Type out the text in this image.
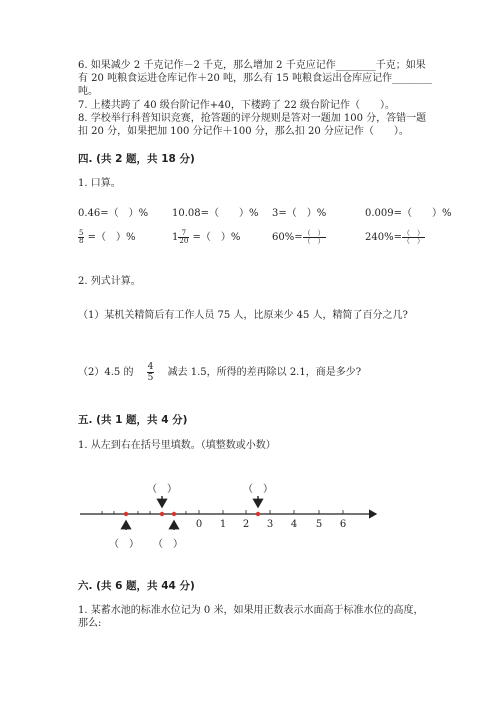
6. 如果减少 2 千克记作－2 千克，那么增加 2 千克应记作________千克；如果
有 20 吨粮食运进仓库记作＋20 吨，那么有 15 吨粮食运出仓库应记作________
吨。
7. 上楼共跨了 40 级台阶记作+40，下楼跨了 22 级台阶记作（　　）。
8. 学校举行科普知识竞赛，抢答题的评分规则是答对一题加 100 分，答错一题
扣 20 分，如果把加 100 分记作＋100 分，那么扣 20 分应记作（　　）。
四. (共 2 题，共 18 分)
1. 口算。
0.46=（　）% 10.08=（　　）% 3=（　）%	0.009=（　　）%
$\frac{5}{8}$ =（　）%	$1 \frac{7}{20}$ =（　）%	$60\%= \frac{( )}{( )}$	$240\%= \frac{( )}{( )}$
2. 列式计算。
（1）某机关精简后有工作人员 75 人，比原来少 45 人，精简了百分之几?
（2）4.5 的 $\frac{4}{5}$ 减去 1.5，所得的差再除以 2.1，商是多少?
五. (共 1 题，共 4 分)
1. 从左到右在括号里填数。（填整数或小数）
0 1 2 3 4 5 6
（　）	（　）
（　） （　）
六. (共 6 题，共 44 分)
1. 某蓄水池的标准水位记为 0 米，如果用正数表示水面高于标准水位的高度，
那么:
